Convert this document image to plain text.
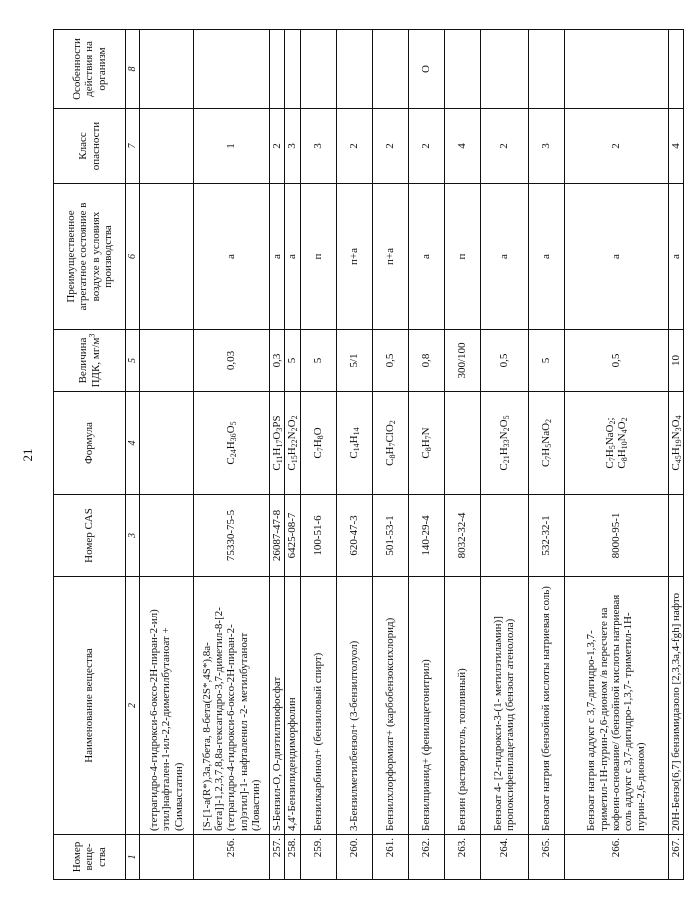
21
Номер веще-ства	Наименование вещества	Номер CAS	Формула	Величина ПДК, $мг/м^3$	Преимущественное агрегатное состояние в воздухе в условиях производства	Класс опасности	Особенности действия на организм
1	2	3	4	5	6	7	8
	(тетрагидро-4-гидрокси-6-оксо-2H-пиран-2-ил) этил]нафтален-1-ил-2,2-диметилбутаноат + (Симвастатин)						
256.	[S-[1-a(R*),3a,7бета, 8-бета(2S*,4S*),8a-бета]]-1,2,3,7,8,8a-гексагидро-3,7-диметил-8-[2-(тетрагидро-4-гидрокси-6-оксо-2H-пиран-2-ил)этил]-1- нафталенил -2- метилбутаноат (Ловастин)	75330-75-5	$C_{24}H_{36}O_5$	0,03	а	1	
257.	S-Бензил-О, О-диэтилтиофосфат	26087-47-8	$C_{11}H_{17}O_3PS$	0,3	а	2	
258.	4,4'-Бензилидендиморфолин	6425-08-7	$C_{15}H_{22}N_2O_2$	5	а	3	
259.	Бензилкарбинол+ (бензиловый спирт)	100-51-6	$C_7H_8O$	5	п	3	
260.	3-Бензилметилбензол+ (3-бензилтолуол)	620-47-3	$C_{14}H_{14}$	5/1	п+а	2	
261.	Бензилхлорформиат+ (карбобензоксихлорид)	501-53-1	$C_8H_7ClO_2$	0,5	п+а	2	
262.	Бензилцианид+ (фенилацетонитрил)	140-29-4	$C_8H_7N$	0,8	а	2	О
263.	Бензин (растворитель, топливный)	8032-32-4		300/100	п	4	
264.	Бензоат 4- [2-гидрокси-3-(1- метилэтиламин)] пропоксифенилацетамид (бензоат атенолола)		$C_{21}H_{33}N_2O_5$	0,5	а	2	
265.	Бензоат натрия (бензойной кислоты натриевая соль)	532-32-1	$C_7H_5NaO_2$	5	а	3	
266.	Бензоат натрия аддукт с 3,7-дигидро-1,3,7- триметил-1H-пурин-2,6-дионом /в пересчете на кофеин-основание/ (бензойной кислоты натриевая соль аддукт с 3,7-дигидро-1,3,7- триметил-1H-пурин-2,6-дионом)	8000-95-1	$C_7H_5NaO_2$;
$C_8H_{10}N_4O_2$	0,5	а	2	
267.	20H-Бензо[6,7] бензимидазоло [2,3,3a,4-fgh] нафто		$C_{45}H_{19}N_3O_4$	10	а	4	
